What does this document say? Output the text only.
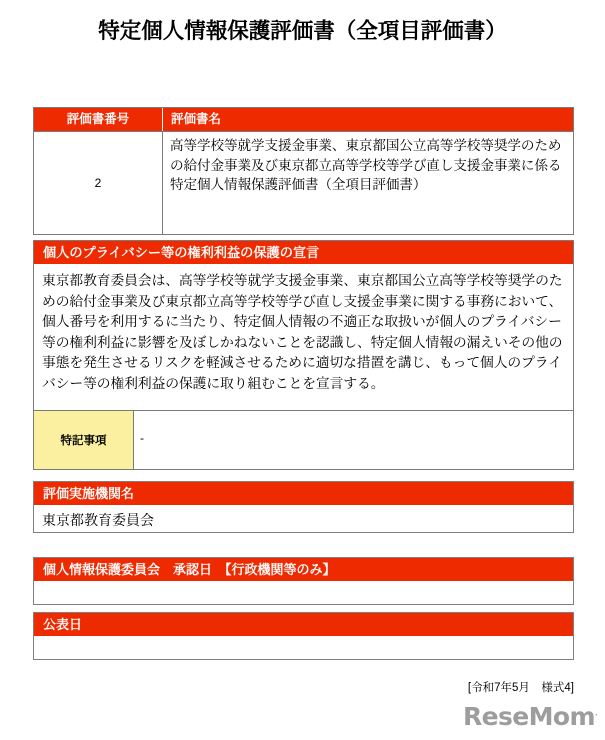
特定個人情報保護評価書（全項目評価書）
評価書番号	評価書名
2
高等学校等就学支援金事業、東京都国公立高等学校等奨学のための給付金事業及び東京都立高等学校等学び直し支援金事業に係る特定個人情報保護評価書（全項目評価書）
個人のプライバシー等の権利利益の保護の宣言
東京都教育委員会は、高等学校等就学支援金事業、東京都国公立高等学校等奨学のための給付金事業及び東京都立高等学校等学び直し支援金事業に関する事務において、個人番号を利用するに当たり、特定個人情報の不適正な取扱いが個人のプライバシー等の権利利益に影響を及ぼしかねないことを認識し、特定個人情報の漏えいその他の事態を発生させるリスクを軽減させるために適切な措置を講じ、もって個人のプライバシー等の権利利益の保護に取り組むことを宣言する。
特記事項	-
評価実施機関名
東京都教育委員会
個人情報保護委員会　承認日　【行政機関等のみ】
公表日
[令和7年5月　様式4]
ReseMom.
